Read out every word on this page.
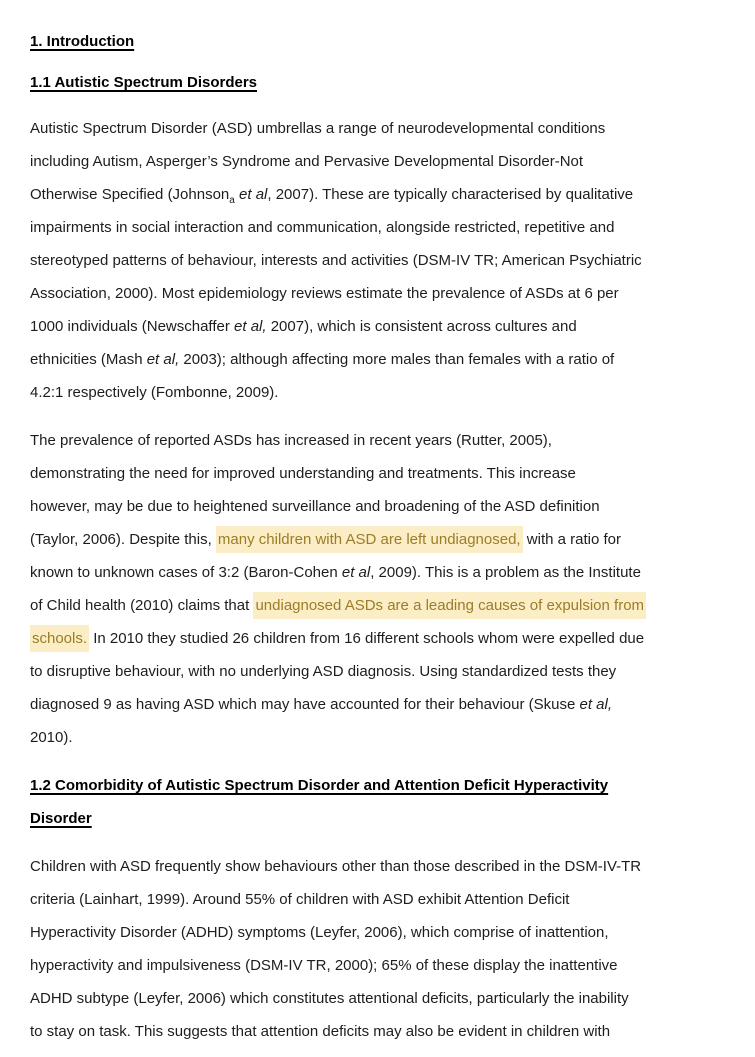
1. Introduction
1.1 Autistic Spectrum Disorders
Autistic Spectrum Disorder (ASD) umbrellas a range of neurodevelopmental conditions
including Autism, Asperger’s Syndrome and Pervasive Developmental Disorder-Not
Otherwise Specified (Johnson$_a$ et al, 2007). These are typically characterised by qualitative
impairments in social interaction and communication, alongside restricted, repetitive and
stereotyped patterns of behaviour, interests and activities (DSM-IV TR; American Psychiatric
Association, 2000). Most epidemiology reviews estimate the prevalence of ASDs at 6 per
1000 individuals (Newschaffer et al, 2007), which is consistent across cultures and
ethnicities (Mash et al, 2003); although affecting more males than females with a ratio of
4.2:1 respectively (Fombonne, 2009).
The prevalence of reported ASDs has increased in recent years (Rutter, 2005),
demonstrating the need for improved understanding and treatments. This increase
however, may be due to heightened surveillance and broadening of the ASD definition
(Taylor, 2006). Despite this, many children with ASD are left undiagnosed, with a ratio for
known to unknown cases of 3:2 (Baron-Cohen et al, 2009). This is a problem as the Institute
of Child health (2010) claims that undiagnosed ASDs are a leading causes of expulsion from
schools. In 2010 they studied 26 children from 16 different schools whom were expelled due
to disruptive behaviour, with no underlying ASD diagnosis. Using standardized tests they
diagnosed 9 as having ASD which may have accounted for their behaviour (Skuse et al,
2010).
1.2 Comorbidity of Autistic Spectrum Disorder and Attention Deficit Hyperactivity
Disorder
Children with ASD frequently show behaviours other than those described in the DSM-IV-TR
criteria (Lainhart, 1999). Around 55% of children with ASD exhibit Attention Deficit
Hyperactivity Disorder (ADHD) symptoms (Leyfer, 2006), which comprise of inattention,
hyperactivity and impulsiveness (DSM-IV TR, 2000); 65% of these display the inattentive
ADHD subtype (Leyfer, 2006) which constitutes attentional deficits, particularly the inability
to stay on task. This suggests that attention deficits may also be evident in children with
